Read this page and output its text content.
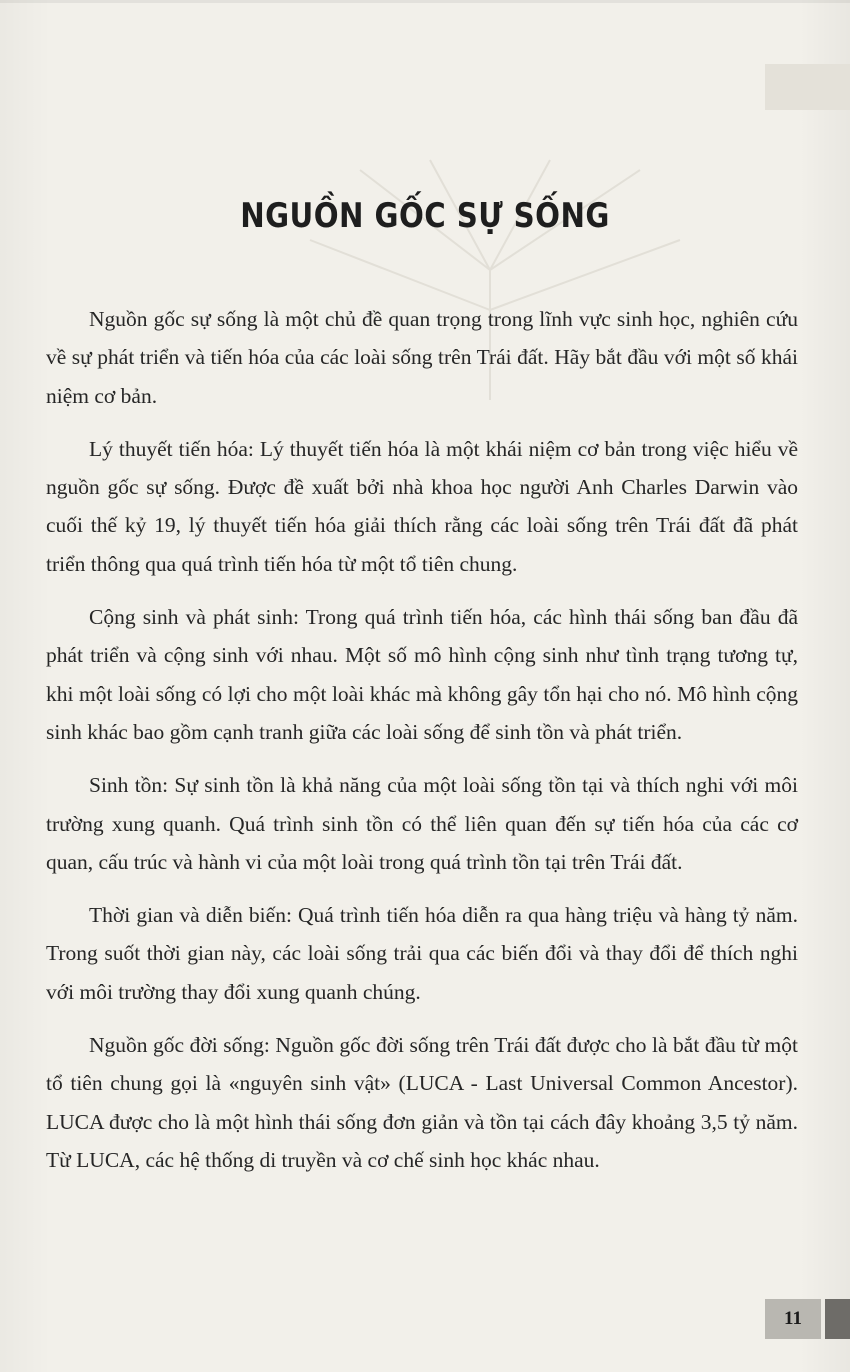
NGUỒN GỐC SỰ SỐNG

Nguồn gốc sự sống là một chủ đề quan trọng trong lĩnh vực sinh học, nghiên cứu về sự phát triển và tiến hóa của các loài sống trên Trái đất. Hãy bắt đầu với một số khái niệm cơ bản.

Lý thuyết tiến hóa: Lý thuyết tiến hóa là một khái niệm cơ bản trong việc hiểu về nguồn gốc sự sống. Được đề xuất bởi nhà khoa học người Anh Charles Darwin vào cuối thế kỷ 19, lý thuyết tiến hóa giải thích rằng các loài sống trên Trái đất đã phát triển thông qua quá trình tiến hóa từ một tổ tiên chung.

Cộng sinh và phát sinh: Trong quá trình tiến hóa, các hình thái sống ban đầu đã phát triển và cộng sinh với nhau. Một số mô hình cộng sinh như tình trạng tương tự, khi một loài sống có lợi cho một loài khác mà không gây tổn hại cho nó. Mô hình cộng sinh khác bao gồm cạnh tranh giữa các loài sống để sinh tồn và phát triển.

Sinh tồn: Sự sinh tồn là khả năng của một loài sống tồn tại và thích nghi với môi trường xung quanh. Quá trình sinh tồn có thể liên quan đến sự tiến hóa của các cơ quan, cấu trúc và hành vi của một loài trong quá trình tồn tại trên Trái đất.

Thời gian và diễn biến: Quá trình tiến hóa diễn ra qua hàng triệu và hàng tỷ năm. Trong suốt thời gian này, các loài sống trải qua các biến đổi và thay đổi để thích nghi với môi trường thay đổi xung quanh chúng.

Nguồn gốc đời sống: Nguồn gốc đời sống trên Trái đất được cho là bắt đầu từ một tổ tiên chung gọi là «nguyên sinh vật» (LUCA - Last Universal Common Ancestor). LUCA được cho là một hình thái sống đơn giản và tồn tại cách đây khoảng 3,5 tỷ năm. Từ LUCA, các hệ thống di truyền và cơ chế sinh học khác nhau.

11
